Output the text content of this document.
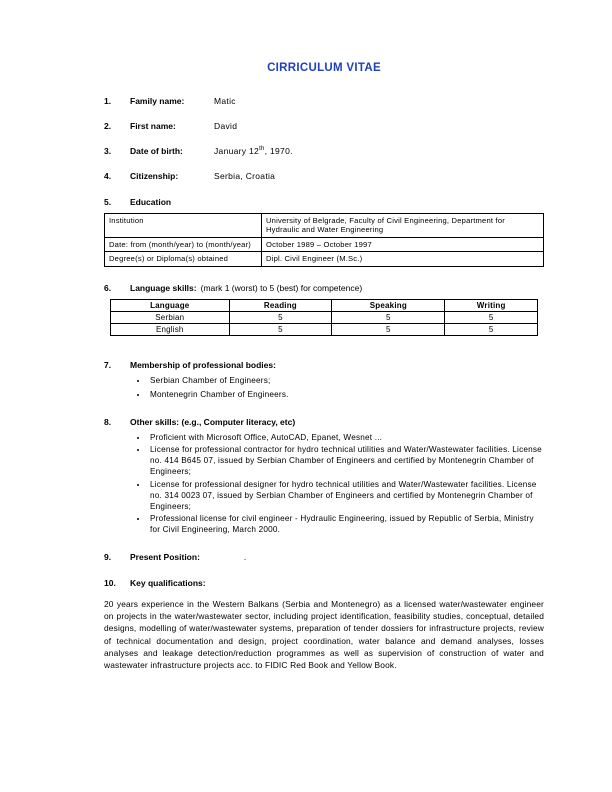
CIRRICULUM VITAE
1.	Family name:	Matic
2.	First name:	David
3.	Date of birth:	January 12th, 1970.
4.	Citizenship:	Serbia, Croatia
5.	Education
Institution	University of Belgrade, Faculty of Civil Engineering, Department for Hydraulic and Water Engineering
Date: from (month/year) to (month/year)	October 1989 – October 1997
Degree(s) or Diploma(s) obtained	Dipl. Civil Engineer (M.Sc.)
6.	Language skills: (mark 1 (worst) to 5 (best) for competence)
Language	Reading	Speaking	Writing
Serbian	5	5	5
English	5	5	5
7.	Membership of professional bodies:
• Serbian Chamber of Engineers;
• Montenegrin Chamber of Engineers.
8.	Other skills: (e.g., Computer literacy, etc)
• Proficient with Microsoft Office, AutoCAD, Epanet, Wesnet ...
• License for professional contractor for hydro technical utilities and Water/Wastewater facilities. License no. 414 B645 07, issued by Serbian Chamber of Engineers and certified by Montenegrin Chamber of Engineers;
• License for professional designer for hydro technical utilities and Water/Wastewater facilities. License no. 314 0023 07, issued by Serbian Chamber of Engineers and certified by Montenegrin Chamber of Engineers;
• Professional license for civil engineer - Hydraulic Engineering, issued by Republic of Serbia, Ministry for Civil Engineering, March 2000.
9.	Present Position:	.
10.	Key qualifications:
20 years experience in the Western Balkans (Serbia and Montenegro) as a licensed water/wastewater engineer on projects in the water/wastewater sector, including project identification, feasibility studies, conceptual, detailed designs, modelling of water/wastewater systems, preparation of tender dossiers for infrastructure projects, review of technical documentation and design, project coordination, water balance and demand analyses, losses analyses and leakage detection/reduction programmes as well as supervision of construction of water and wastewater infrastructure projects acc. to FIDIC Red Book and Yellow Book.
